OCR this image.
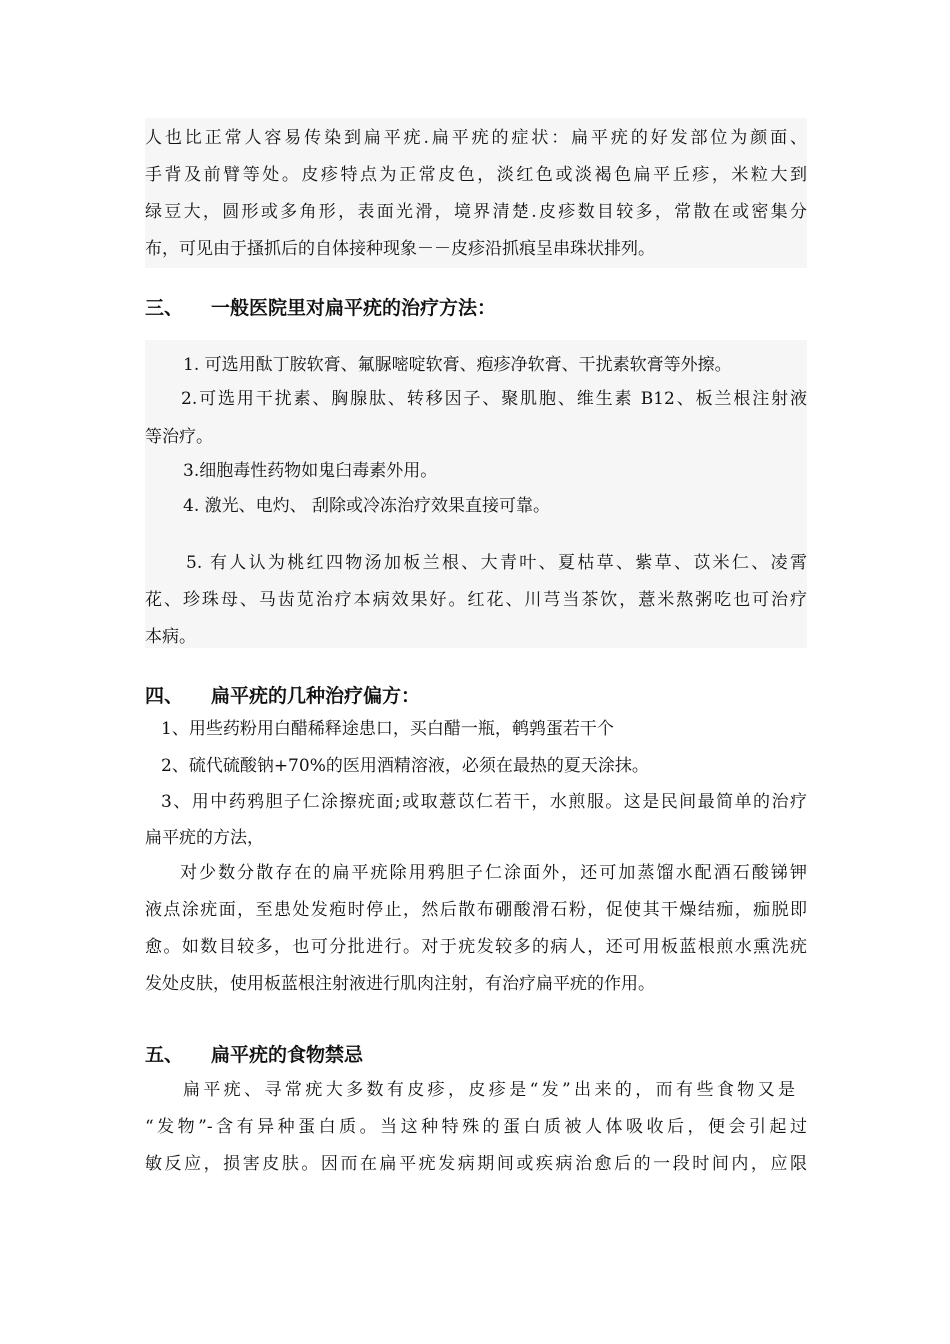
人也比正常人容易传染到扁平疣.扁平疣的症状：扁平疣的好发部位为颜面、
手背及前臂等处。皮疹特点为正常皮色，淡红色或淡褐色扁平丘疹，米粒大到
绿豆大，圆形或多角形，表面光滑，境界清楚.皮疹数目较多，常散在或密集分
布，可见由于搔抓后的自体接种现象－－皮疹沿抓痕呈串珠状排列。
三、 一般医院里对扁平疣的治疗方法：
1. 可选用酞丁胺软膏、氟脲嘧啶软膏、疱疹净软膏、干扰素软膏等外擦。
2.可选用干扰素、胸腺肽、转移因子、聚肌胞、维生素 B12、板兰根注射液
等治疗。
3.细胞毒性药物如鬼臼毒素外用。
4. 激光、电灼、 刮除或冷冻治疗效果直接可靠。
5. 有人认为桃红四物汤加板兰根、大青叶、夏枯草、紫草、苡米仁、凌霄
花、珍珠母、马齿苋治疗本病效果好。红花、川芎当茶饮，薏米熬粥吃也可治疗
本病。
四、 扁平疣的几种治疗偏方：
1、用些药粉用白醋稀释途患口，买白醋一瓶，鹌鹑蛋若干个
2、硫代硫酸钠+70%的医用酒精溶液，必须在最热的夏天涂抹。
3、用中药鸦胆子仁涂擦疣面;或取薏苡仁若干，水煎服。这是民间最简单的治疗
扁平疣的方法，
对少数分散存在的扁平疣除用鸦胆子仁涂面外，还可加蒸馏水配酒石酸锑钾
液点涂疣面，至患处发疱时停止，然后散布硼酸滑石粉，促使其干燥结痂，痂脱即
愈。如数目较多，也可分批进行。对于疣发较多的病人，还可用板蓝根煎水熏洗疣
发处皮肤，使用板蓝根注射液进行肌肉注射，有治疗扁平疣的作用。
五、 扁平疣的食物禁忌
扁平疣、寻常疣大多数有皮疹，皮疹是“发”出来的，而有些食物又是
“发物”-含有异种蛋白质。当这种特殊的蛋白质被人体吸收后，便会引起过
敏反应，损害皮肤。因而在扁平疣发病期间或疾病治愈后的一段时间内，应限
